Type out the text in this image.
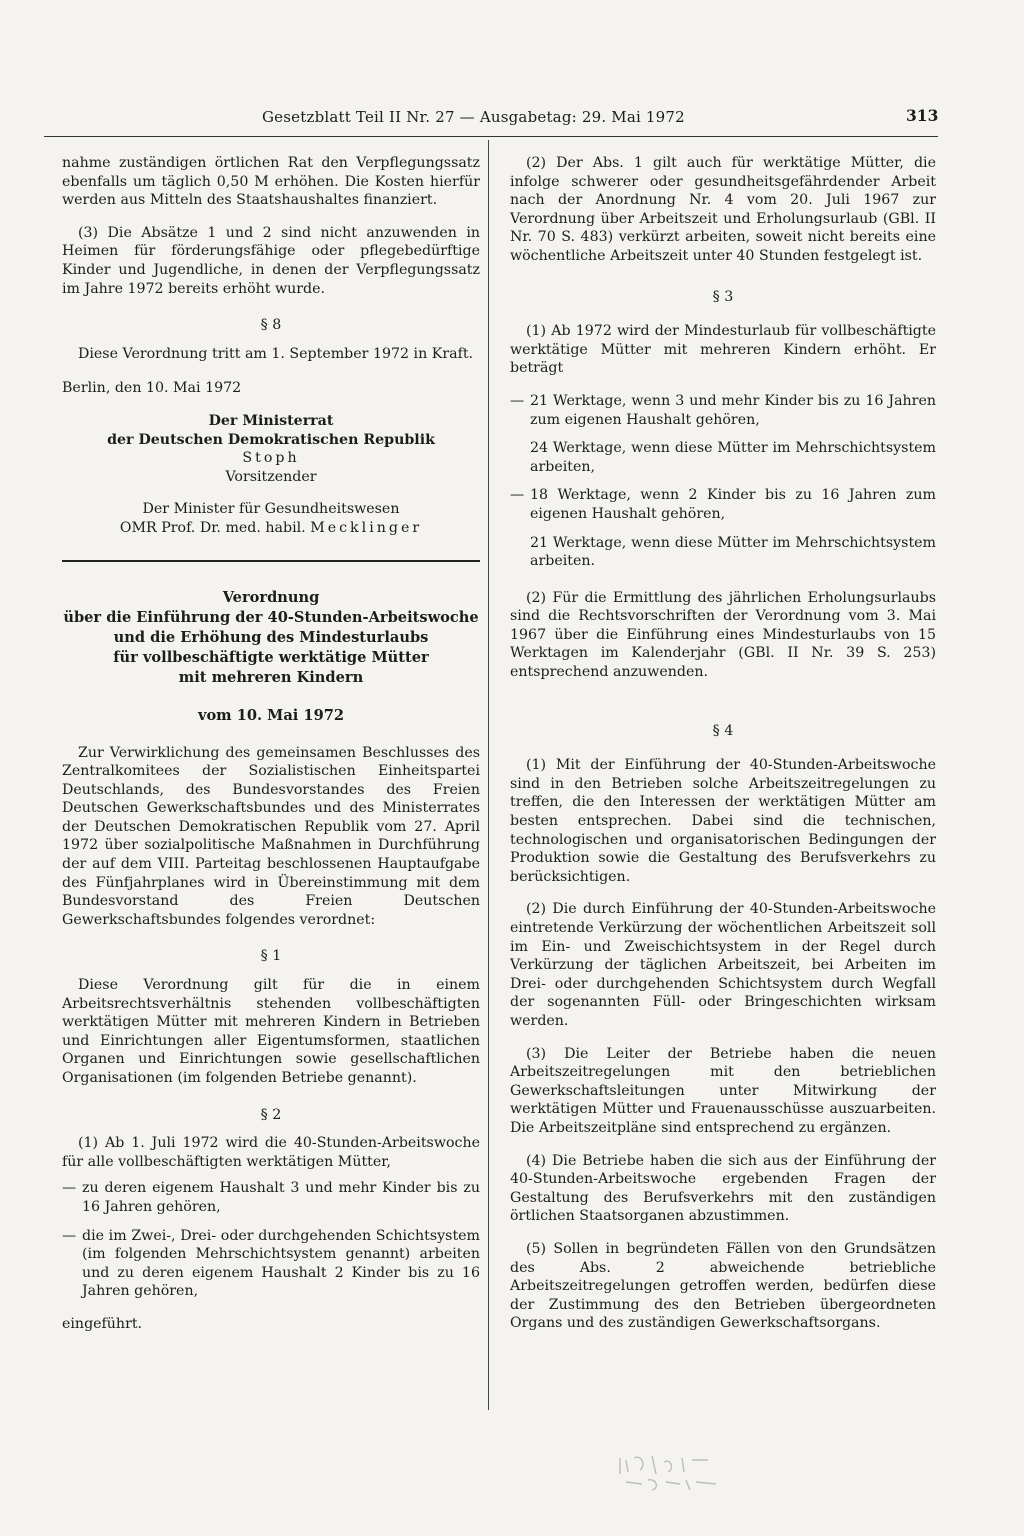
Gesetzblatt Teil II Nr. 27 — Ausgabetag: 29. Mai 1972	313

nahme zuständigen örtlichen Rat den Verpflegungssatz ebenfalls um täglich 0,50 M erhöhen. Die Kosten hierfür werden aus Mitteln des Staatshaushaltes finanziert.

(3) Die Absätze 1 und 2 sind nicht anzuwenden in Heimen für förderungsfähige oder pflegebedürftige Kinder und Jugendliche, in denen der Verpflegungssatz im Jahre 1972 bereits erhöht wurde.

§ 8

Diese Verordnung tritt am 1. September 1972 in Kraft.

Berlin, den 10. Mai 1972

Der Ministerrat
der Deutschen Demokratischen Republik
Stoph
Vorsitzender
Der Minister für Gesundheitswesen
OMR Prof. Dr. med. habil. Mecklinger
Verordnung
über die Einführung der 40-Stunden-Arbeitswoche
und die Erhöhung des Mindesturlaubs
für vollbeschäftigte werktätige Mütter
mit mehreren Kindern
vom 10. Mai 1972

Zur Verwirklichung des gemeinsamen Beschlusses des Zentralkomitees der Sozialistischen Einheitspartei Deutschlands, des Bundesvorstandes des Freien Deutschen Gewerkschaftsbundes und des Ministerrates der Deutschen Demokratischen Republik vom 27. April 1972 über sozialpolitische Maßnahmen in Durchführung der auf dem VIII. Parteitag beschlossenen Hauptaufgabe des Fünfjahrplanes wird in Übereinstimmung mit dem Bundesvorstand des Freien Deutschen Gewerkschaftsbundes folgendes verordnet:

§ 1

Diese Verordnung gilt für die in einem Arbeitsrechtsverhältnis stehenden vollbeschäftigten werktätigen Mütter mit mehreren Kindern in Betrieben und Einrichtungen aller Eigentumsformen, staatlichen Organen und Einrichtungen sowie gesellschaftlichen Organisationen (im folgenden Betriebe genannt).

§ 2

(1) Ab 1. Juli 1972 wird die 40-Stunden-Arbeitswoche für alle vollbeschäftigten werktätigen Mütter,

— zu deren eigenem Haushalt 3 und mehr Kinder bis zu 16 Jahren gehören,
— die im Zwei-, Drei- oder durchgehenden Schichtsystem (im folgenden Mehrschichtsystem genannt) arbeiten und zu deren eigenem Haushalt 2 Kinder bis zu 16 Jahren gehören,

eingeführt.

(2) Der Abs. 1 gilt auch für werktätige Mütter, die infolge schwerer oder gesundheitsgefährdender Arbeit nach der Anordnung Nr. 4 vom 20. Juli 1967 zur Verordnung über Arbeitszeit und Erholungsurlaub (GBl. II Nr. 70 S. 483) verkürzt arbeiten, soweit nicht bereits eine wöchentliche Arbeitszeit unter 40 Stunden festgelegt ist.

§ 3

(1) Ab 1972 wird der Mindesturlaub für vollbeschäftigte werktätige Mütter mit mehreren Kindern erhöht. Er beträgt

— 21 Werktage, wenn 3 und mehr Kinder bis zu 16 Jahren zum eigenen Haushalt gehören,
24 Werktage, wenn diese Mütter im Mehrschichtsystem arbeiten,
— 18 Werktage, wenn 2 Kinder bis zu 16 Jahren zum eigenen Haushalt gehören,
21 Werktage, wenn diese Mütter im Mehrschichtsystem arbeiten.

(2) Für die Ermittlung des jährlichen Erholungsurlaubs sind die Rechtsvorschriften der Verordnung vom 3. Mai 1967 über die Einführung eines Mindesturlaubs von 15 Werktagen im Kalenderjahr (GBl. II Nr. 39 S. 253) entsprechend anzuwenden.

§ 4

(1) Mit der Einführung der 40-Stunden-Arbeitswoche sind in den Betrieben solche Arbeitszeitregelungen zu treffen, die den Interessen der werktätigen Mütter am besten entsprechen. Dabei sind die technischen, technologischen und organisatorischen Bedingungen der Produktion sowie die Gestaltung des Berufsverkehrs zu berücksichtigen.

(2) Die durch Einführung der 40-Stunden-Arbeitswoche eintretende Verkürzung der wöchentlichen Arbeitszeit soll im Ein- und Zweischichtsystem in der Regel durch Verkürzung der täglichen Arbeitszeit, bei Arbeiten im Drei- oder durchgehenden Schichtsystem durch Wegfall der sogenannten Füll- oder Bringeschichten wirksam werden.

(3) Die Leiter der Betriebe haben die neuen Arbeitszeitregelungen mit den betrieblichen Gewerkschaftsleitungen unter Mitwirkung der werktätigen Mütter und Frauenausschüsse auszuarbeiten. Die Arbeitszeitpläne sind entsprechend zu ergänzen.

(4) Die Betriebe haben die sich aus der Einführung der 40-Stunden-Arbeitswoche ergebenden Fragen der Gestaltung des Berufsverkehrs mit den zuständigen örtlichen Staatsorganen abzustimmen.

(5) Sollen in begründeten Fällen von den Grundsätzen des Abs. 2 abweichende betriebliche Arbeitszeitregelungen getroffen werden, bedürfen diese der Zustimmung des den Betrieben übergeordneten Organs und des zuständigen Gewerkschaftsorgans.
